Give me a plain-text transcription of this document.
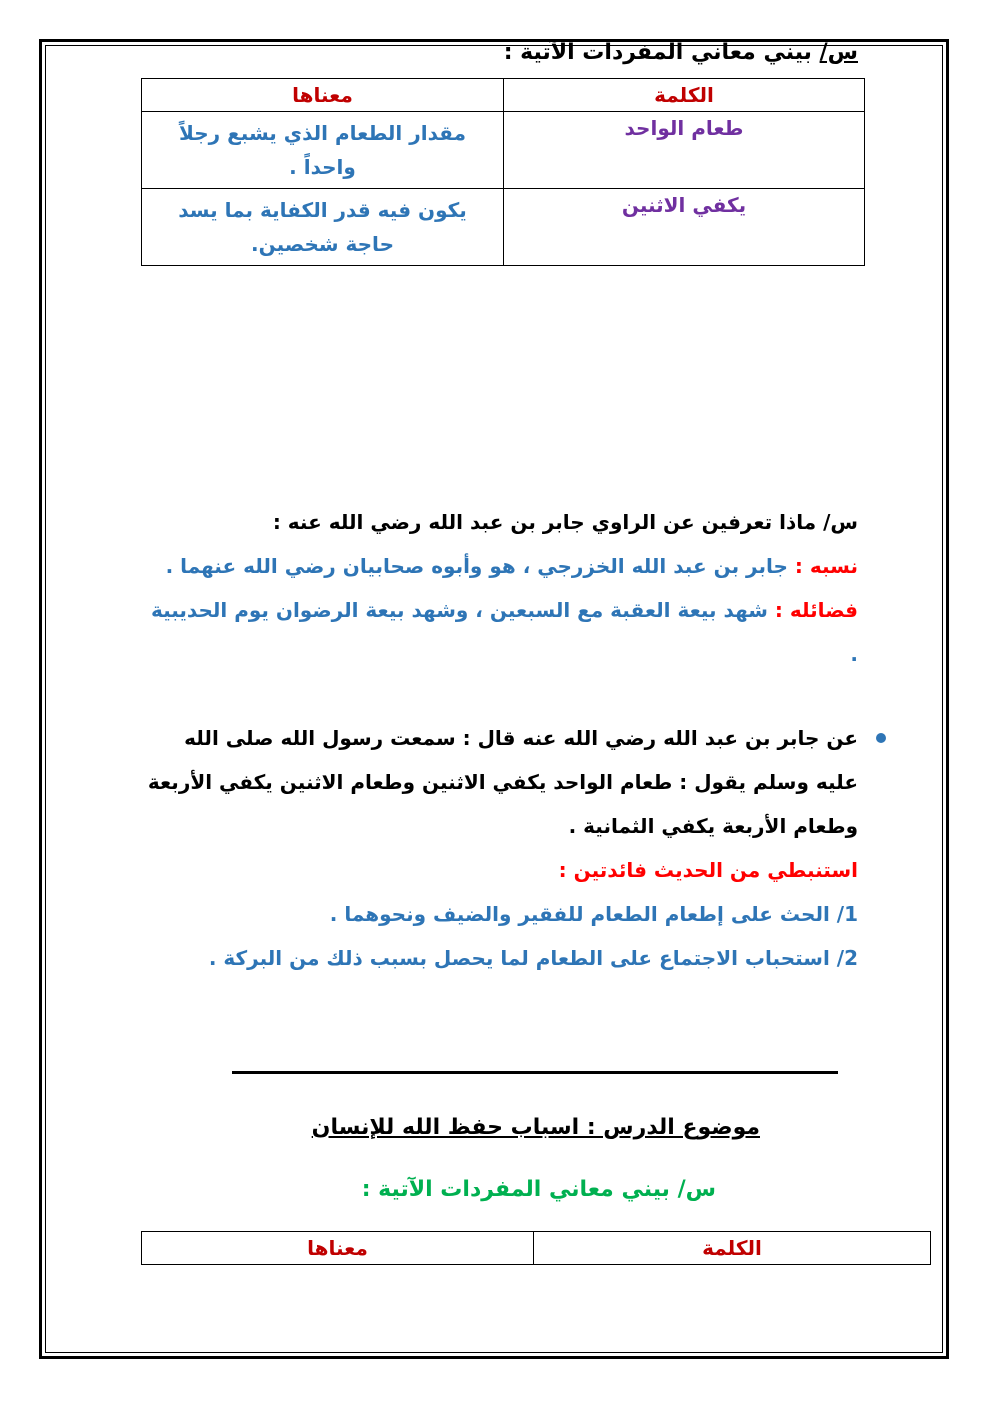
س/ بيني معاني المفردات الآتية :
الكلمة	معناها
طعام الواحد	مقدار الطعام الذي يشبع رجلاً واحداً .
يكفي الاثنين	يكون فيه قدر الكفاية بما يسد حاجة شخصين.
س/ ماذا تعرفين عن الراوي جابر بن عبد الله رضي الله عنه :
نسبه : جابر بن عبد الله الخزرجي ، هو وأبوه صحابيان رضي الله عنهما .
فضائله : شهد بيعة العقبة مع السبعين ، وشهد بيعة الرضوان يوم الحديبية .
عن جابر بن عبد الله رضي الله عنه قال : سمعت رسول الله صلى الله عليه وسلم يقول : طعام الواحد يكفي الاثنين وطعام الاثنين يكفي الأربعة وطعام الأربعة يكفي الثمانية .
استنبطي من الحديث فائدتين :
1/ الحث على إطعام الطعام للفقير والضيف ونحوهما .
2/ استحباب الاجتماع على الطعام لما يحصل بسبب ذلك من البركة .
موضوع الدرس : اسباب حفظ الله للإنسان
س/ بيني معاني المفردات الآتية :
الكلمة	معناها
